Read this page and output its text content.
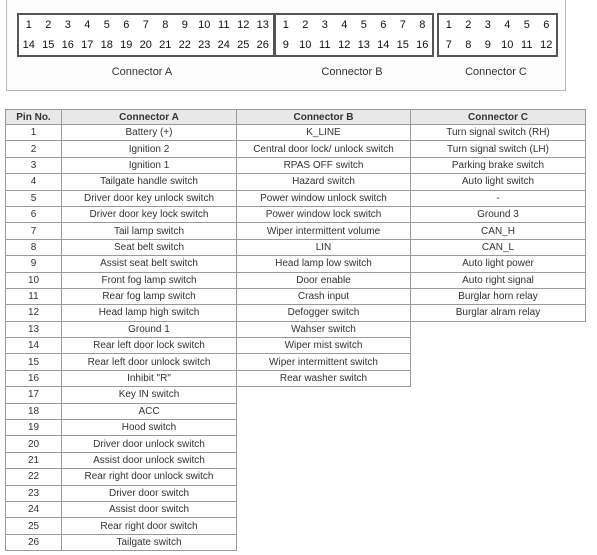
1	2	3	4	5	6	7	8	9 10 11 12 13
14 15 16 17 18 19 20 21 22 23 24 25 26
Connector A
1	2	3	4	5	6	7	8
9 10 11 12 13 14 15 16
Connector B
1	2	3	4	5	6
7	8	9 10 11 12
Connector C
Pin No.	Connector A	Connector B	Connector C
1	Battery (+)	K_LINE	Turn signal switch (RH)
2	Ignition 2	Central door lock/ unlock switch	Turn signal switch (LH)
3	Ignition 1	RPAS OFF switch	Parking brake switch
4	Tailgate handle switch	Hazard switch	Auto light switch
5	Driver door key unlock switch	Power window unlock switch	-
6	Driver door key lock switch	Power window lock switch	Ground 3
7	Tail lamp switch	Wiper intermittent volume	CAN_H
8	Seat belt switch	LIN	CAN_L
9	Assist seat belt switch	Head lamp low switch	Auto light power
10	Front fog lamp switch	Door enable	Auto right signal
11	Rear fog lamp switch	Crash input	Burglar horn relay
12	Head lamp high switch	Defogger switch	Burglar alram relay
13	Ground 1	Wahser switch	
14	Rear left door lock switch	Wiper mist switch	
15	Rear left door unlock switch	Wiper intermittent switch	
16	Inhibit "R"	Rear washer switch	
17	Key IN switch		
18	ACC		
19	Hood switch		
20	Driver door unlock switch		
21	Assist door unlock switch		
22	Rear right door unlock switch		
23	Driver door switch		
24	Assist door switch		
25	Rear right door switch		
26	Tailgate switch		
